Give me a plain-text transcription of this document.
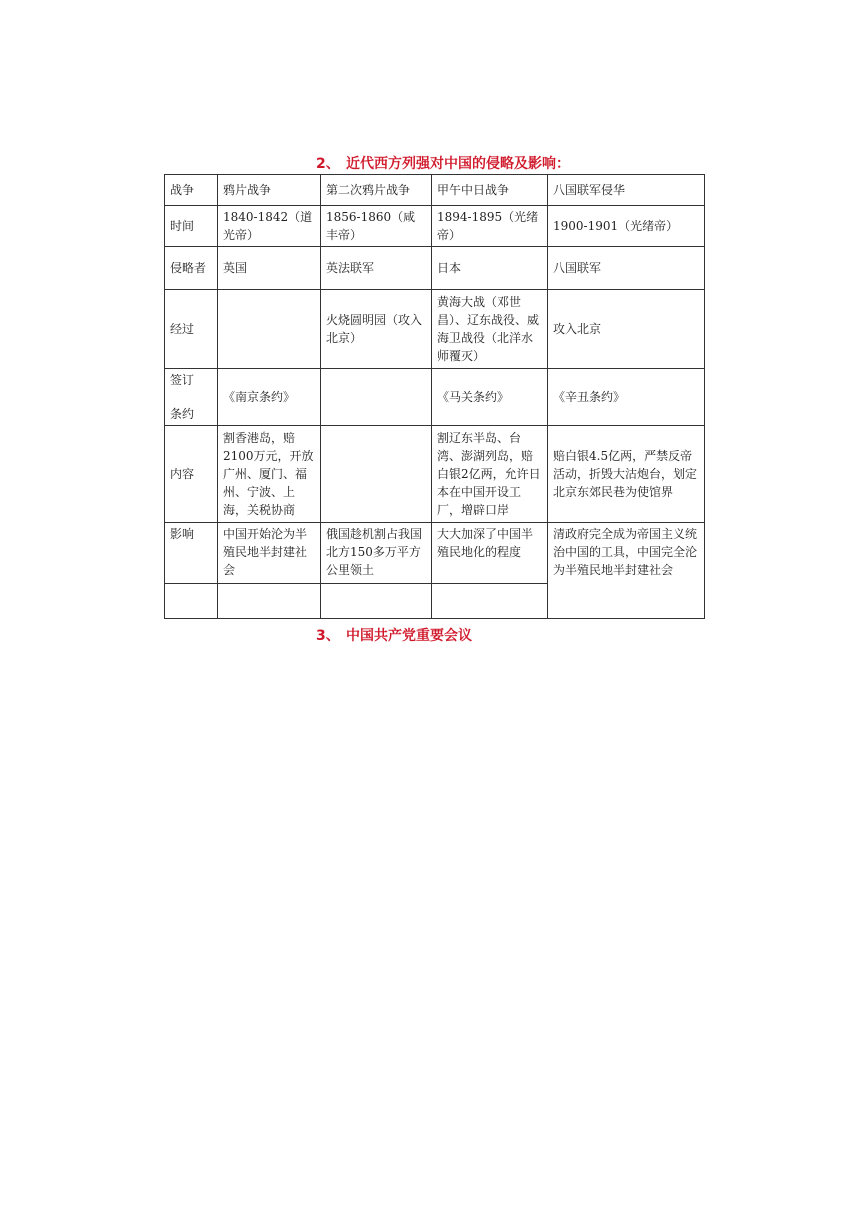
2、 近代西方列强对中国的侵略及影响：
战争	鸦片战争	第二次鸦片战争	甲午中日战争	八国联军侵华
时间	1840-1842（道光帝）	1856-1860（咸丰帝）	1894-1895（光绪帝）	1900-1901（光绪帝）
侵略者	英国	英法联军	日本	八国联军
经过		火烧圆明园（攻入北京）	黄海大战（邓世昌）、辽东战役、威海卫战役（北洋水师覆灭）	攻入北京

签订
条约	《南京条约》		《马关条约》	《辛丑条约》
内容	割香港岛，赔2100万元，开放广州、厦门、福州、宁波、上海，关税协商		割辽东半岛、台湾、澎湖列岛，赔白银2亿两，允许日本在中国开设工厂，增辟口岸	赔白银4.5亿两，严禁反帝活动，折毁大沽炮台，划定北京东郊民巷为使馆界
影响	中国开始沦为半殖民地半封建社会	俄国趁机割占我国北方150多万平方公里领土	大大加深了中国半殖民地化的程度	清政府完全成为帝国主义统治中国的工具，中国完全沦为半殖民地半封建社会

3、 中国共产党重要会议
